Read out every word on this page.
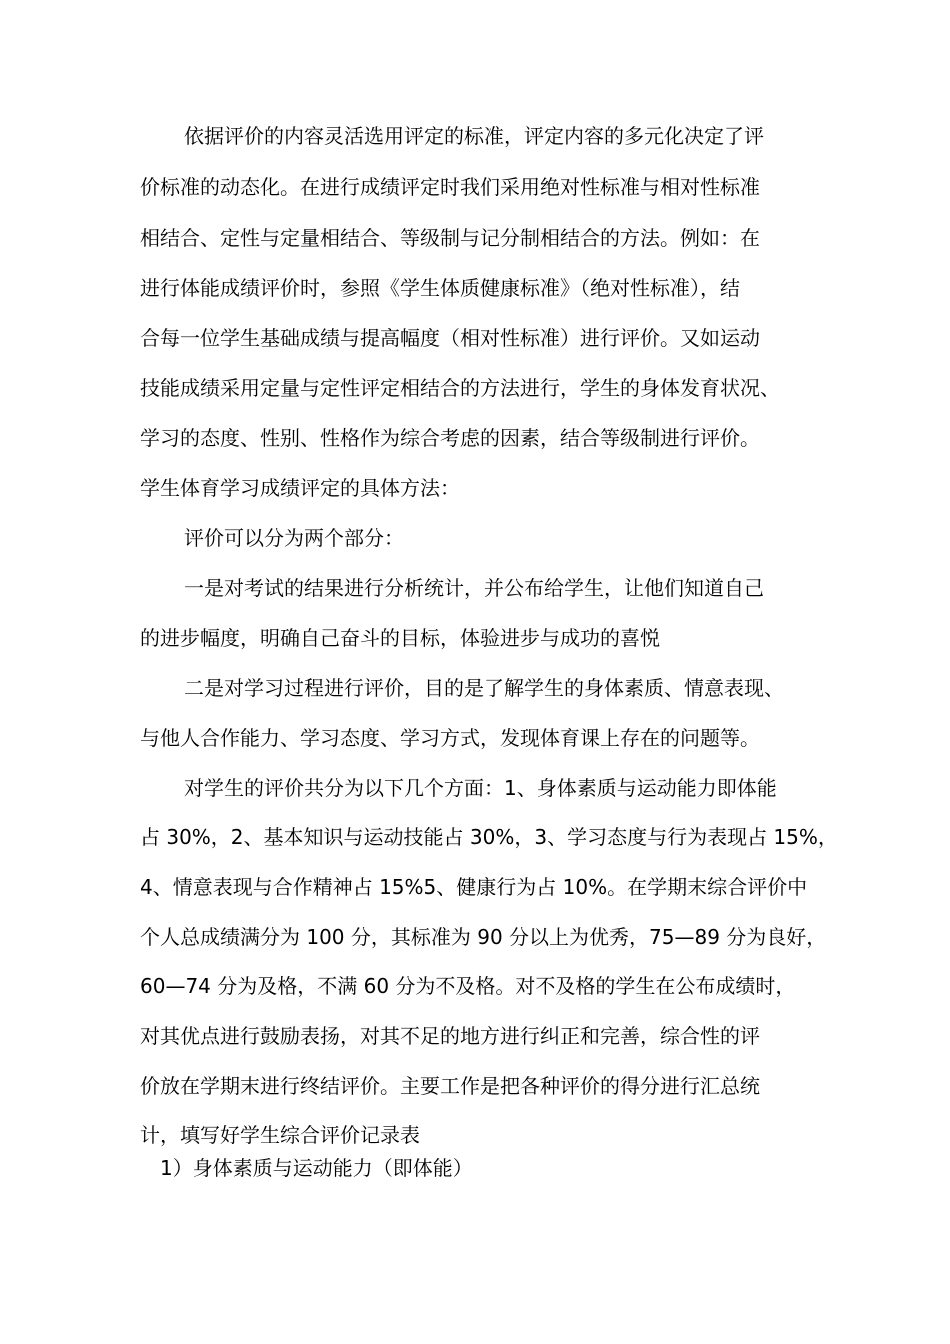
依据评价的内容灵活选用评定的标准，评定内容的多元化决定了评
价标准的动态化。在进行成绩评定时我们采用绝对性标准与相对性标准
相结合、定性与定量相结合、等级制与记分制相结合的方法。例如：在
进行体能成绩评价时，参照《学生体质健康标准》（绝对性标准），结
合每一位学生基础成绩与提高幅度（相对性标准）进行评价。又如运动
技能成绩采用定量与定性评定相结合的方法进行，学生的身体发育状况、
学习的态度、性别、性格作为综合考虑的因素，结合等级制进行评价。
学生体育学习成绩评定的具体方法：
评价可以分为两个部分：
一是对考试的结果进行分析统计，并公布给学生，让他们知道自己
的进步幅度，明确自己奋斗的目标，体验进步与成功的喜悦
二是对学习过程进行评价，目的是了解学生的身体素质、情意表现、
与他人合作能力、学习态度、学习方式，发现体育课上存在的问题等。
对学生的评价共分为以下几个方面：1、身体素质与运动能力即体能
占 30%，2、基本知识与运动技能占 30%，3、学习态度与行为表现占 15%，
4、情意表现与合作精神占 15%5、健康行为占 10%。在学期末综合评价中
个人总成绩满分为 100 分，其标准为 90 分以上为优秀，75—89 分为良好，
60—74 分为及格，不满 60 分为不及格。对不及格的学生在公布成绩时，
对其优点进行鼓励表扬，对其不足的地方进行纠正和完善，综合性的评
价放在学期末进行终结评价。主要工作是把各种评价的得分进行汇总统
计，填写好学生综合评价记录表
1）身体素质与运动能力（即体能）
